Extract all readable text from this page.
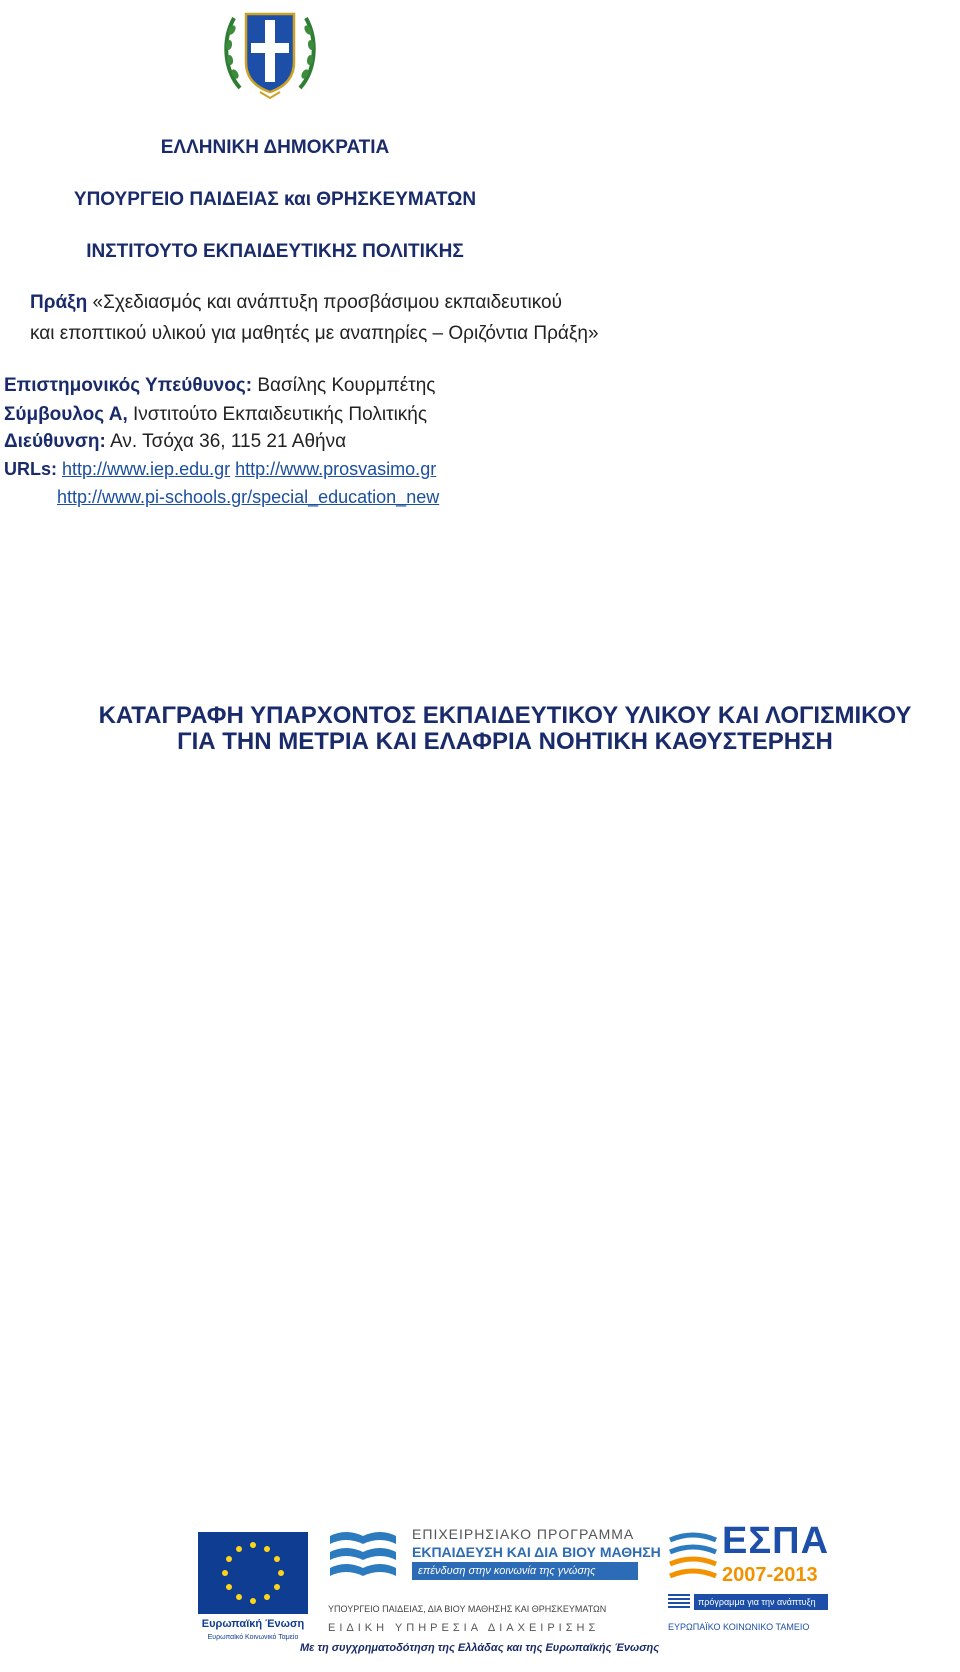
ΕΛΛΗΝΙΚΗ ΔΗΜΟΚΡΑΤΙΑ
ΥΠΟΥΡΓΕΙΟ ΠΑΙΔΕΙΑΣ και ΘΡΗΣΚΕΥΜΑΤΩΝ
ΙΝΣΤΙΤΟΥΤΟ ΕΚΠΑΙΔΕΥΤΙΚΗΣ ΠΟΛΙΤΙΚΗΣ
Πράξη «Σχεδιασμός και ανάπτυξη προσβάσιμου εκπαιδευτικού
και εποπτικού υλικού για μαθητές με αναπηρίες – Οριζόντια Πράξη»
Επιστημονικός Υπεύθυνος: Βασίλης Κουρμπέτης
Σύμβουλος Α, Ινστιτούτο Εκπαιδευτικής Πολιτικής
Διεύθυνση: Αν. Τσόχα 36, 115 21 Αθήνα
URLs: http://www.iep.edu.gr http://www.prosvasimo.gr
http://www.pi-schools.gr/special_education_new
ΚΑΤΑΓΡΑΦΗ ΥΠΑΡΧΟΝΤΟΣ ΕΚΠΑΙΔΕΥΤΙΚΟΥ ΥΛΙΚΟΥ ΚΑΙ ΛΟΓΙΣΜΙΚΟΥ
ΓΙΑ ΤΗΝ ΜΕΤΡΙΑ ΚΑΙ ΕΛΑΦΡΙΑ ΝΟΗΤΙΚΗ ΚΑΘΥΣΤΕΡΗΣΗ
Ευρωπαϊκή Ένωση
Ευρωπαϊκό Κοινωνικό Ταμείο
ΕΠΙΧΕΙΡΗΣΙΑΚΟ ΠΡΟΓΡΑΜΜΑ
ΕΚΠΑΙΔΕΥΣΗ ΚΑΙ ΔΙΑ ΒΙΟΥ ΜΑΘΗΣΗ
επένδυση στην κοινωνία της γνώσης
ΥΠΟΥΡΓΕΙΟ ΠΑΙΔΕΙΑΣ, ΔΙΑ ΒΙΟΥ ΜΑΘΗΣΗΣ ΚΑΙ ΘΡΗΣΚΕΥΜΑΤΩΝ
ΕΙΔΙΚΗ ΥΠΗΡΕΣΙΑ ΔΙΑΧΕΙΡΙΣΗΣ
ΕΣΠΑ
2007-2013
πρόγραμμα για την ανάπτυξη
ΕΥΡΩΠΑΪΚΟ ΚΟΙΝΩΝΙΚΟ ΤΑΜΕΙΟ
Με τη συγχρηματοδότηση της Ελλάδας και της Ευρωπαϊκής Ένωσης
